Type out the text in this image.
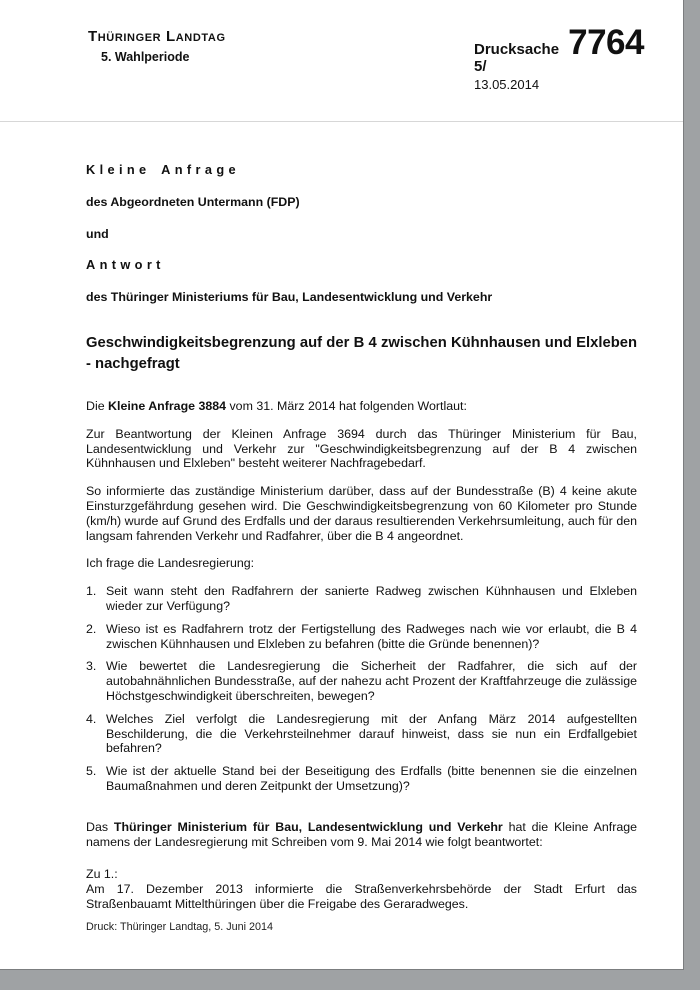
Thüringer Landtag
5. Wahlperiode	Drucksache 5/
7764
13.05.2014
Kleine Anfrage
des Abgeordneten Untermann (FDP)
und
Antwort
des Thüringer Ministeriums für Bau, Landesentwicklung und Verkehr
Geschwindigkeitsbegrenzung auf der B 4 zwischen Kühnhausen und Elxleben - nachgefragt
Die Kleine Anfrage 3884 vom 31. März 2014 hat folgenden Wortlaut:
Zur Beantwortung der Kleinen Anfrage 3694 durch das Thüringer Ministerium für Bau, Landesentwicklung und Verkehr zur "Geschwindigkeitsbegrenzung auf der B 4 zwischen Kühnhausen und Elxleben" besteht weiterer Nachfragebedarf.
So informierte das zuständige Ministerium darüber, dass auf der Bundesstraße (B) 4 keine akute Einsturzgefährdung gesehen wird. Die Geschwindigkeitsbegrenzung von 60 Kilometer pro Stunde (km/h) wurde auf Grund des Erdfalls und der daraus resultierenden Verkehrsumleitung, auch für den langsam fahrenden Verkehr und Radfahrer, über die B 4 angeordnet.
Ich frage die Landesregierung:
1. Seit wann steht den Radfahrern der sanierte Radweg zwischen Kühnhausen und Elxleben wieder zur Verfügung?
2. Wieso ist es Radfahrern trotz der Fertigstellung des Radweges nach wie vor erlaubt, die B 4 zwischen Kühnhausen und Elxleben zu befahren (bitte die Gründe benennen)?
3. Wie bewertet die Landesregierung die Sicherheit der Radfahrer, die sich auf der autobahnähnlichen Bundesstraße, auf der nahezu acht Prozent der Kraftfahrzeuge die zulässige Höchstgeschwindigkeit überschreiten, bewegen?
4. Welches Ziel verfolgt die Landesregierung mit der Anfang März 2014 aufgestellten Beschilderung, die die Verkehrsteilnehmer darauf hinweist, dass sie nun ein Erdfallgebiet befahren?
5. Wie ist der aktuelle Stand bei der Beseitigung des Erdfalls (bitte benennen sie die einzelnen Baumaßnahmen und deren Zeitpunkt der Umsetzung)?
Das Thüringer Ministerium für Bau, Landesentwicklung und Verkehr hat die Kleine Anfrage namens der Landesregierung mit Schreiben vom 9. Mai 2014 wie folgt beantwortet:
Zu 1.:
Am 17. Dezember 2013 informierte die Straßenverkehrsbehörde der Stadt Erfurt das Straßenbauamt Mittelthüringen über die Freigabe des Geraradweges.
Druck: Thüringer Landtag, 5. Juni 2014
